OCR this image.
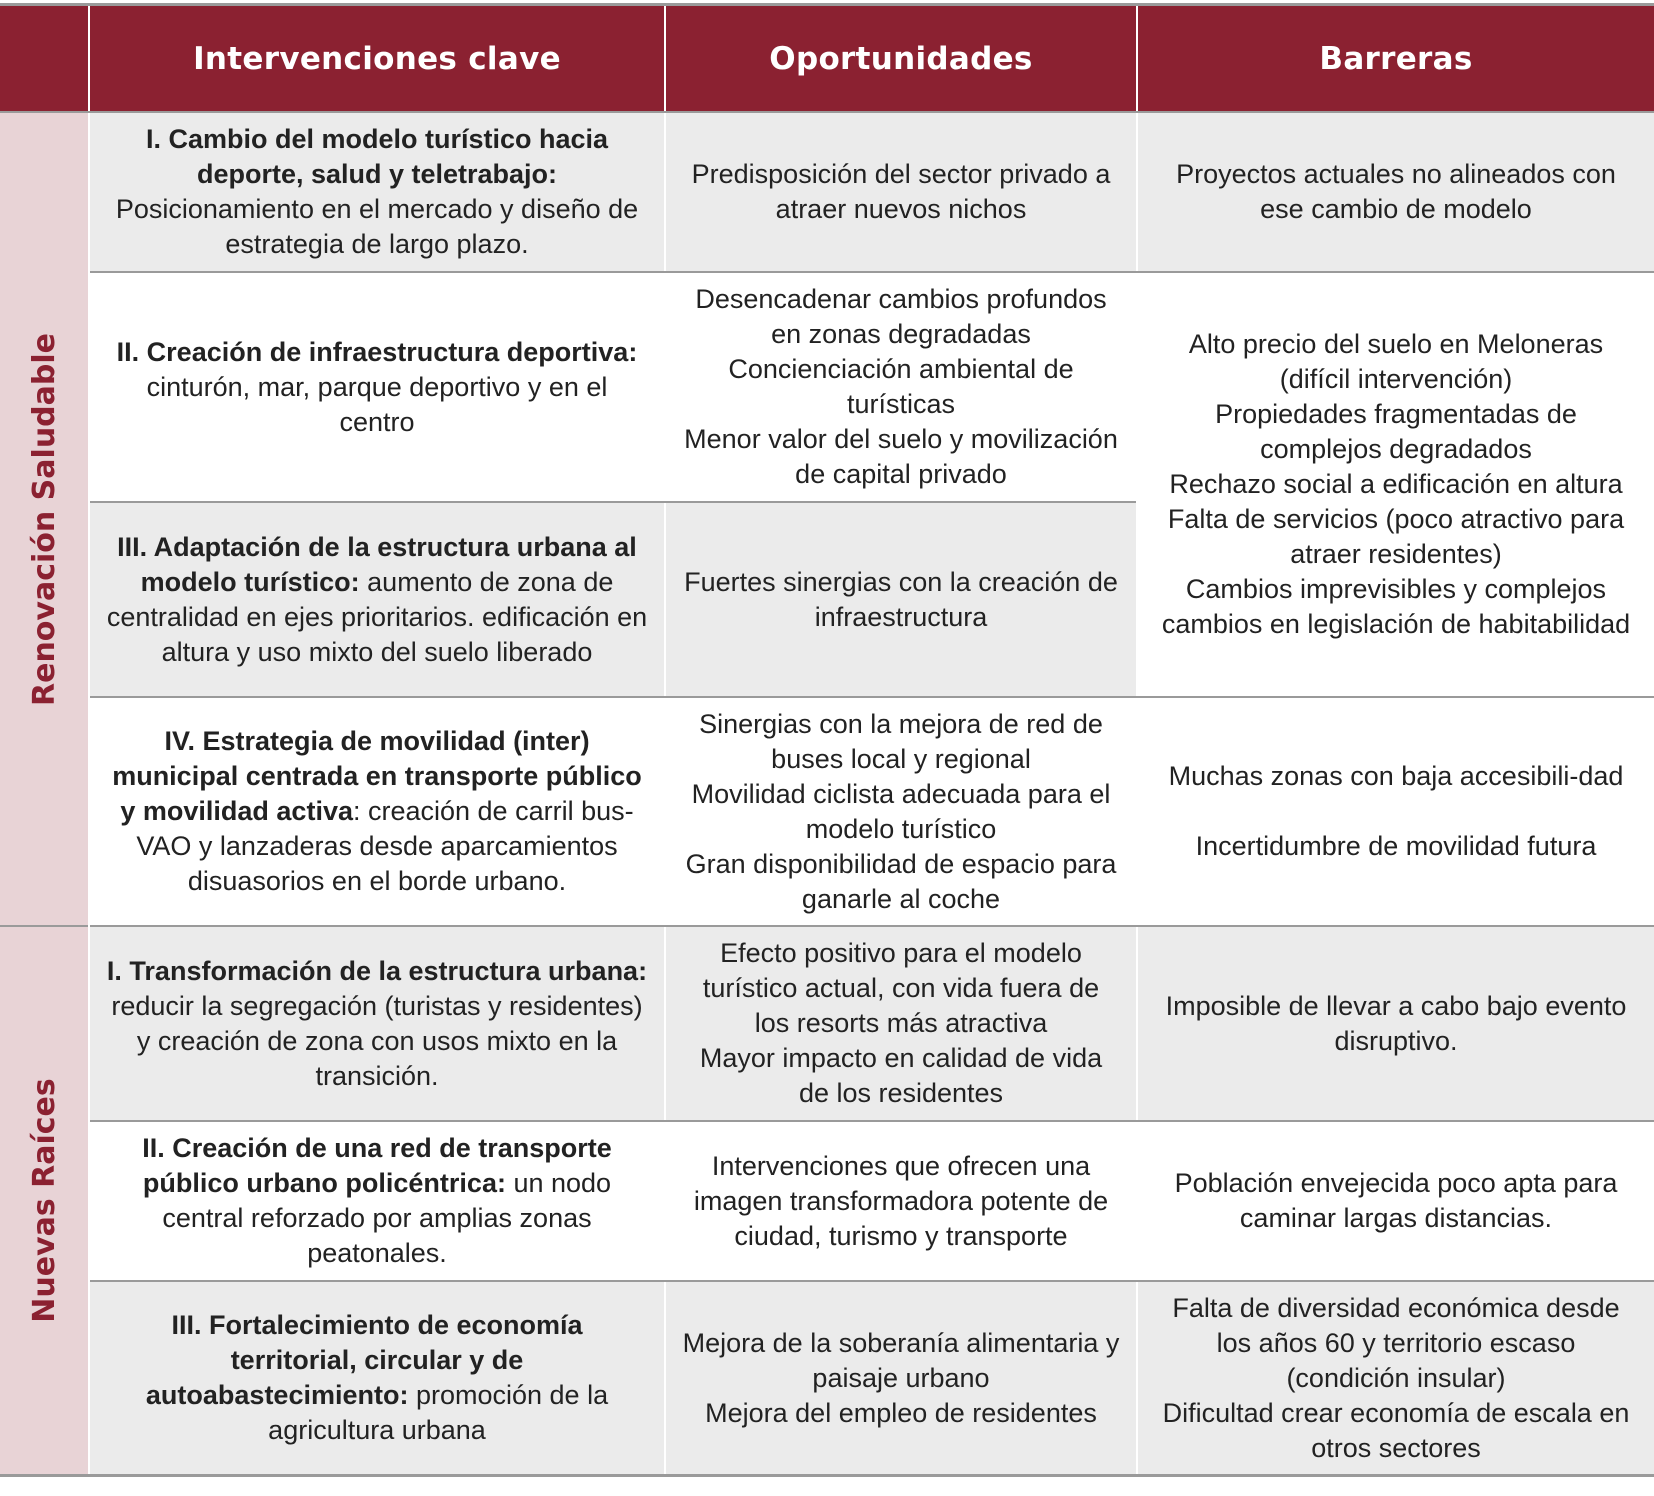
Intervenciones clave	Oportunidades	Barreras
Renovación Saludable
Nuevas Raíces
I. Cambio del modelo turístico hacia deporte, salud y teletrabajo: Posicionamiento en el mercado y diseño de estrategia de largo plazo.
Predisposición del sector privado a atraer nuevos nichos
Proyectos actuales no alineados con ese cambio de modelo
II. Creación de infraestructura deportiva: cinturón, mar, parque deportivo y en el centro
Desencadenar cambios profundos en zonas degradadas
Concienciación ambiental de turísticas
Menor valor del suelo y movilización de capital privado
Alto precio del suelo en Meloneras (difícil intervención)
Propiedades fragmentadas de complejos degradados
Rechazo social a edificación en altura
Falta de servicios (poco atractivo para atraer residentes)
Cambios imprevisibles y complejos cambios en legislación de habitabilidad
III. Adaptación de la estructura urbana al modelo turístico: aumento de zona de centralidad en ejes prioritarios. edificación en altura y uso mixto del suelo liberado
Fuertes sinergias con la creación de infraestructura
IV. Estrategia de movilidad (inter) municipal centrada en transporte público y movilidad activa: creación de carril bus-VAO y lanzaderas desde aparcamientos disuasorios en el borde urbano.
Sinergias con la mejora de red de buses local y regional
Movilidad ciclista adecuada para el modelo turístico
Gran disponibilidad de espacio para ganarle al coche
Muchas zonas con baja accesibili-dad
Incertidumbre de movilidad futura
I. Transformación de la estructura urbana: reducir la segregación (turistas y residentes) y creación de zona con usos mixto en la transición.
Efecto positivo para el modelo turístico actual, con vida fuera de los resorts más atractiva
Mayor impacto en calidad de vida de los residentes
Imposible de llevar a cabo bajo evento disruptivo.
II. Creación de una red de transporte público urbano policéntrica: un nodo central reforzado por amplias zonas peatonales.
Intervenciones que ofrecen una imagen transformadora potente de ciudad, turismo y transporte
Población envejecida poco apta para caminar largas distancias.
III. Fortalecimiento de economía territorial, circular y de autoabastecimiento: promoción de la agricultura urbana
Mejora de la soberanía alimentaria y paisaje urbano
Mejora del empleo de residentes
Falta de diversidad económica desde los años 60 y territorio escaso (condición insular)
Dificultad crear economía de escala en otros sectores
